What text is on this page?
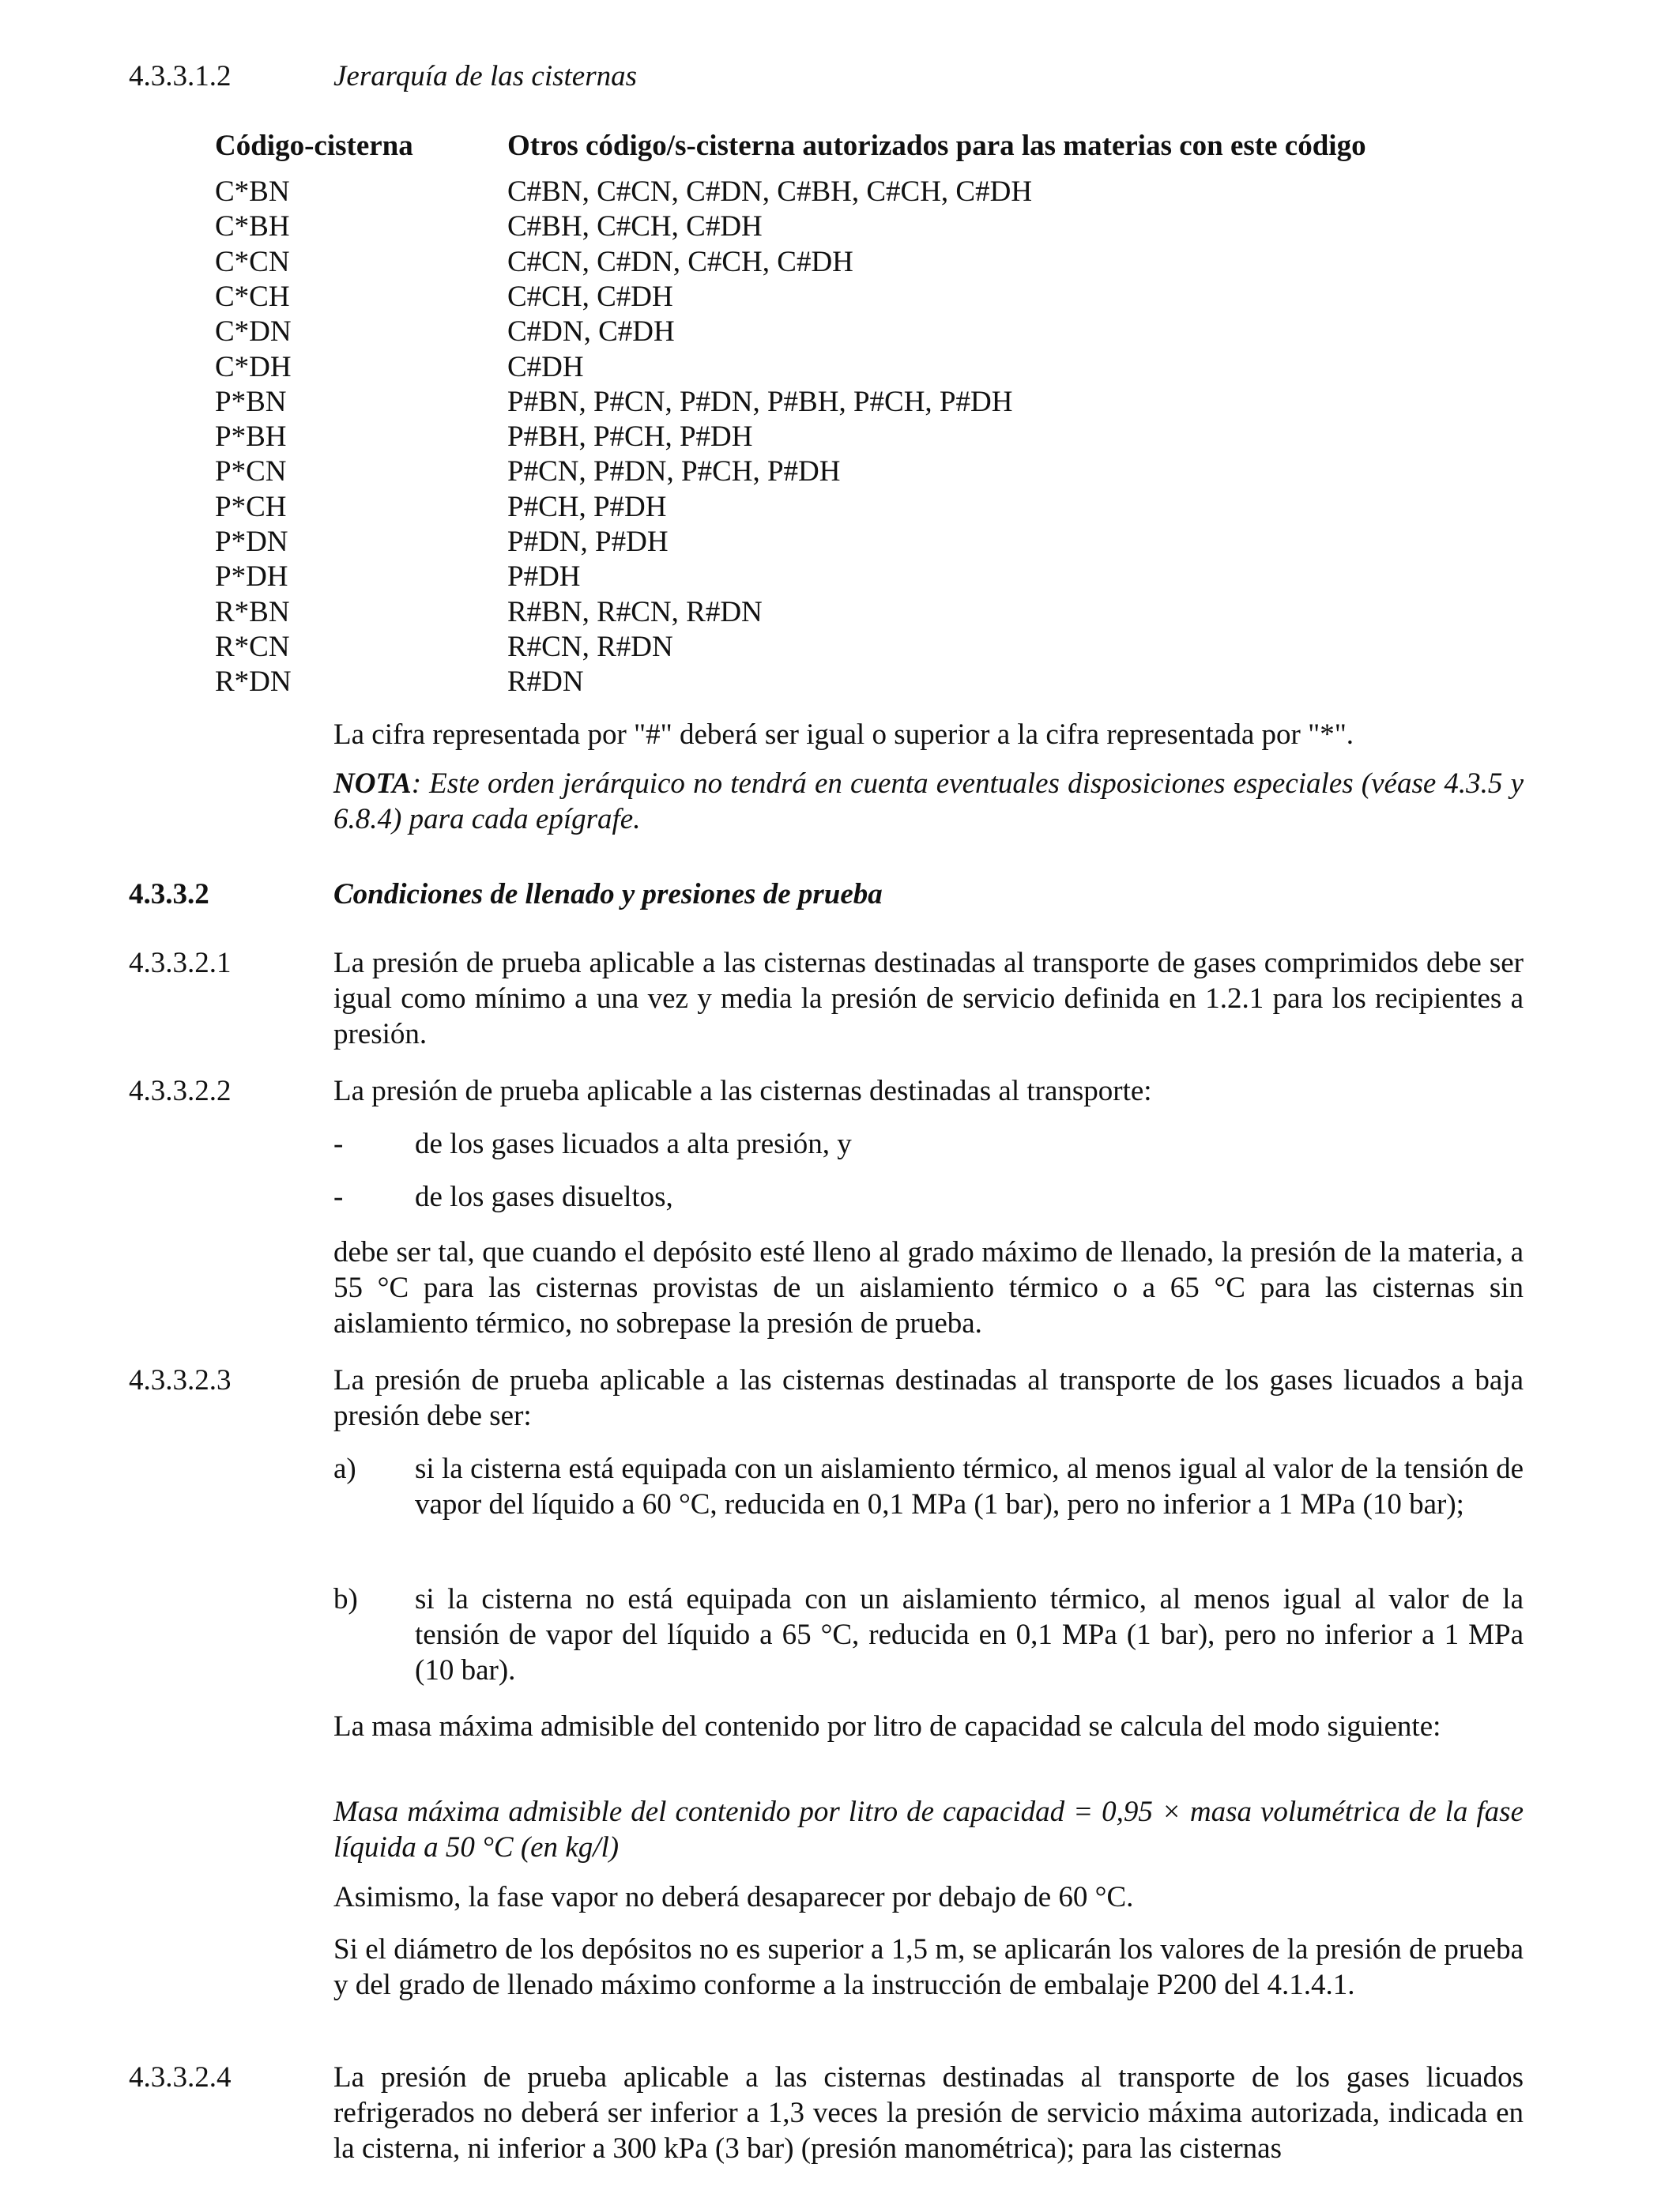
4.3.3.1.2	Jerarquía de las cisternas
Código-cisterna	Otros código/s-cisterna autorizados para las materias con este código
C*BN	C#BN, C#CN, C#DN, C#BH, C#CH, C#DH
C*BH	C#BH, C#CH, C#DH
C*CN	C#CN, C#DN, C#CH, C#DH
C*CH	C#CH, C#DH
C*DN	C#DN, C#DH
C*DH	C#DH
P*BN	P#BN, P#CN, P#DN, P#BH, P#CH, P#DH
P*BH	P#BH, P#CH, P#DH
P*CN	P#CN, P#DN, P#CH, P#DH
P*CH	P#CH, P#DH
P*DN	P#DN, P#DH
P*DH	P#DH
R*BN	R#BN, R#CN, R#DN
R*CN	R#CN, R#DN
R*DN	R#DN
La cifra representada por "#" deberá ser igual o superior a la cifra representada por "*".
NOTA: Este orden jerárquico no tendrá en cuenta eventuales disposiciones especiales (véase 4.3.5 y 6.8.4) para cada epígrafe.
4.3.3.2	Condiciones de llenado y presiones de prueba
4.3.3.2.1	La presión de prueba aplicable a las cisternas destinadas al transporte de gases comprimidos debe ser igual como mínimo a una vez y media la presión de servicio definida en 1.2.1 para los recipientes a presión.
4.3.3.2.2	La presión de prueba aplicable a las cisternas destinadas al transporte:
- de los gases licuados a alta presión, y
- de los gases disueltos,
debe ser tal, que cuando el depósito esté lleno al grado máximo de llenado, la presión de la materia, a 55 °C para las cisternas provistas de un aislamiento térmico o a 65 °C para las cisternas sin aislamiento térmico, no sobrepase la presión de prueba.
4.3.3.2.3	La presión de prueba aplicable a las cisternas destinadas al transporte de los gases licuados a baja presión debe ser:
a) si la cisterna está equipada con un aislamiento térmico, al menos igual al valor de la tensión de vapor del líquido a 60 °C, reducida en 0,1 MPa (1 bar), pero no inferior a 1 MPa (10 bar);
b) si la cisterna no está equipada con un aislamiento térmico, al menos igual al valor de la tensión de vapor del líquido a 65 °C, reducida en 0,1 MPa (1 bar), pero no inferior a 1 MPa (10 bar).
La masa máxima admisible del contenido por litro de capacidad se calcula del modo siguiente:
Masa máxima admisible del contenido por litro de capacidad = 0,95 × masa volumétrica de la fase líquida a 50 °C (en kg/l)
Asimismo, la fase vapor no deberá desaparecer por debajo de 60 °C.
Si el diámetro de los depósitos no es superior a 1,5 m, se aplicarán los valores de la presión de prueba y del grado de llenado máximo conforme a la instrucción de embalaje P200 del 4.1.4.1.
4.3.3.2.4	La presión de prueba aplicable a las cisternas destinadas al transporte de los gases licuados refrigerados no deberá ser inferior a 1,3 veces la presión de servicio máxima autorizada, indicada en la cisterna, ni inferior a 300 kPa (3 bar) (presión manométrica); para las cisternas
